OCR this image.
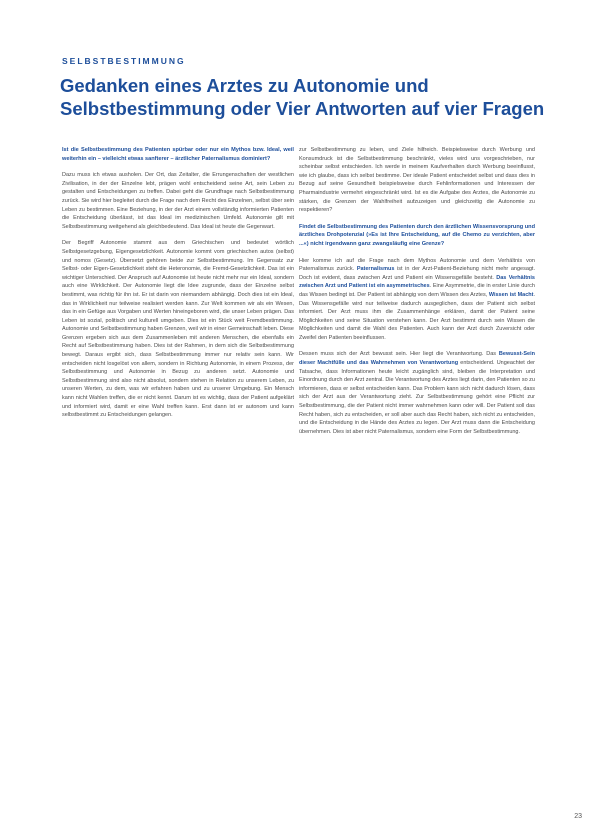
SELBSTBESTIMMUNG
Gedanken eines Arztes zu Autonomie und Selbstbestimmung oder Vier Antworten auf vier Fragen

Ist die Selbstbestimmung des Patienten spürbar oder nur ein Mythos bzw. Ideal, weil weiterhin ein – vielleicht etwas sanfterer – ärztlicher Paternalismus dominiert?

Dazu muss ich etwas ausholen. Der Ort, das Zeitalter, die Errungenschaften der westlichen Zivilisation, in der der Einzelne lebt, prägen wohl entscheidend seine Art, sein Leben zu gestalten und Entscheidungen zu treffen. Dabei geht die Grundfrage nach Selbstbestimmung zurück. Sie wird hier begleitet durch die Frage nach dem Recht des Einzelnen, selbst über sein Leben zu bestimmen. Eine Beziehung, in der der Arzt einem vollständig informierten Patienten die Entscheidung überlässt, ist das Ideal im medizinischen Umfeld. Autonomie gilt mit Selbstbestimmung weitgehend als gleichbedeutend. Das Ideal ist heute die Gegenwart.

Der Begriff Autonomie stammt aus dem Griechischen und bedeutet wörtlich Selbstgesetzgebung, Eigengesetzlichkeit. Autonomie kommt vom griechischen autos (selbst) und nomos (Gesetz). Übersetzt gehören beide zur Selbstbestimmung. Im Gegensatz zur Selbst- oder Eigen-Gesetzlichkeit steht die Heteronomie, die Fremd-Gesetzlichkeit. Das ist ein wichtiger Unterschied. Der Anspruch auf Autonomie ist heute nicht mehr nur ein Ideal, sondern auch eine Wirklichkeit. Der Autonomie liegt die Idee zugrunde, dass der Einzelne selbst bestimmt, was richtig für ihn ist. Er ist darin von niemandem abhängig. Doch dies ist ein Ideal, das in Wirklichkeit nur teilweise realisiert werden kann. Zur Welt kommen wir als ein Wesen, das in ein Gefüge aus Vorgaben und Werten hineingeboren wird, die unser Leben prägen. Das Leben ist sozial, politisch und kulturell umgeben. Dies ist ein Stück weit Fremdbestimmung. Autonomie und Selbstbestimmung haben Grenzen, weil wir in einer Gemeinschaft leben. Diese Grenzen ergeben sich aus dem Zusammenleben mit anderen Menschen, die ebenfalls ein Recht auf Selbstbestimmung haben. Dies ist der Rahmen, in dem sich die Selbstbestimmung bewegt. Daraus ergibt sich, dass Selbstbestimmung immer nur relativ sein kann. Wir entscheiden nicht losgelöst von allem, sondern in Richtung Autonomie, in einem Prozess, der Selbstbestimmung und Autonomie in Bezug zu anderen setzt. Autonomie und Selbstbestimmung sind also nicht absolut, sondern stehen in Relation zu unserem Leben, zu unseren Werten, zu dem, was wir erfahren haben und zu unserer Umgebung. Ein Mensch kann nicht Wahlen treffen, die er nicht kennt. Darum ist es wichtig, dass der Patient aufgeklärt und informiert wird, damit er eine Wahl treffen kann. Erst dann ist er autonom und kann selbstbestimmt zu Entscheidungen gelangen.

zur Selbstbestimmung zu leben, und Ziele hilfreich. Beispielsweise durch Werbung und Konsumdruck ist die Selbstbestimmung beschränkt, vieles wird uns vorgeschrieben, nur scheinbar selbst entschieden. Ich werde in meinem Kaufverhalten durch Werbung beeinflusst, wie ich glaube, dass ich selbst bestimme. Der ideale Patient entscheidet selbst und dass dies in Bezug auf seine Gesundheit beispielsweise durch Fehlinformationen und Interessen der Pharmaindustrie vermehrt eingeschränkt wird. Ist es die Aufgabe des Arztes, die Autonomie zu stärken, die Grenzen der Wahlfreiheit aufzuzeigen und gleichzeitig die Autonomie zu respektieren?

Findet die Selbstbestimmung des Patienten durch den ärztlichen Wissensvorsprung und ärztliches Drohpotenzial (»Es ist Ihre Entscheidung, auf die Chemo zu verzichten, aber ...«) nicht irgendwann ganz zwangsläufig eine Grenze?

Hier komme ich auf die Frage nach dem Mythos Autonomie und dem Verhältnis von Paternalismus zurück. Paternalismus ist in der Arzt-Patient-Beziehung nicht mehr angesagt. Doch ist evident, dass zwischen Arzt und Patient ein Wissensgefälle besteht. Das Verhältnis zwischen Arzt und Patient ist ein asymmetrisches. Eine Asymmetrie, die in erster Linie durch das Wissen bedingt ist. Der Patient ist abhängig von dem Wissen des Arztes, Wissen ist Macht. Das Wissensgefälle wird nur teilweise dadurch ausgeglichen, dass der Patient sich selbst informiert. Der Arzt muss ihm die Zusammenhänge erklären, damit der Patient seine Möglichkeiten und seine Situation verstehen kann. Der Arzt bestimmt durch sein Wissen die Möglichkeiten und damit die Wahl des Patienten. Auch kann der Arzt durch Zuversicht oder Zweifel den Patienten beeinflussen.

Dessen muss sich der Arzt bewusst sein. Hier liegt die Verantwortung. Das Bewusst-Sein dieser Machtfülle und das Wahrnehmen von Verantwortung entscheidend. Ungeachtet der Tatsache, dass Informationen heute leicht zugänglich sind, bleiben die Interpretation und Einordnung durch den Arzt zentral. Die Verantwortung des Arztes liegt darin, den Patienten so zu informieren, dass er selbst entscheiden kann. Das Problem kann sich nicht dadurch lösen, dass sich der Arzt aus der Verantwortung zieht. Zur Selbstbestimmung gehört eine Pflicht zur Selbstbestimmung, die der Patient nicht immer wahrnehmen kann oder will. Der Patient soll das Recht haben, sich zu entscheiden, er soll aber auch das Recht haben, sich nicht zu entscheiden, und die Entscheidung in die Hände des Arztes zu legen. Der Arzt muss dann die Entscheidung übernehmen. Dies ist aber nicht Paternalismus, sondern eine Form der Selbstbestimmung.

23
